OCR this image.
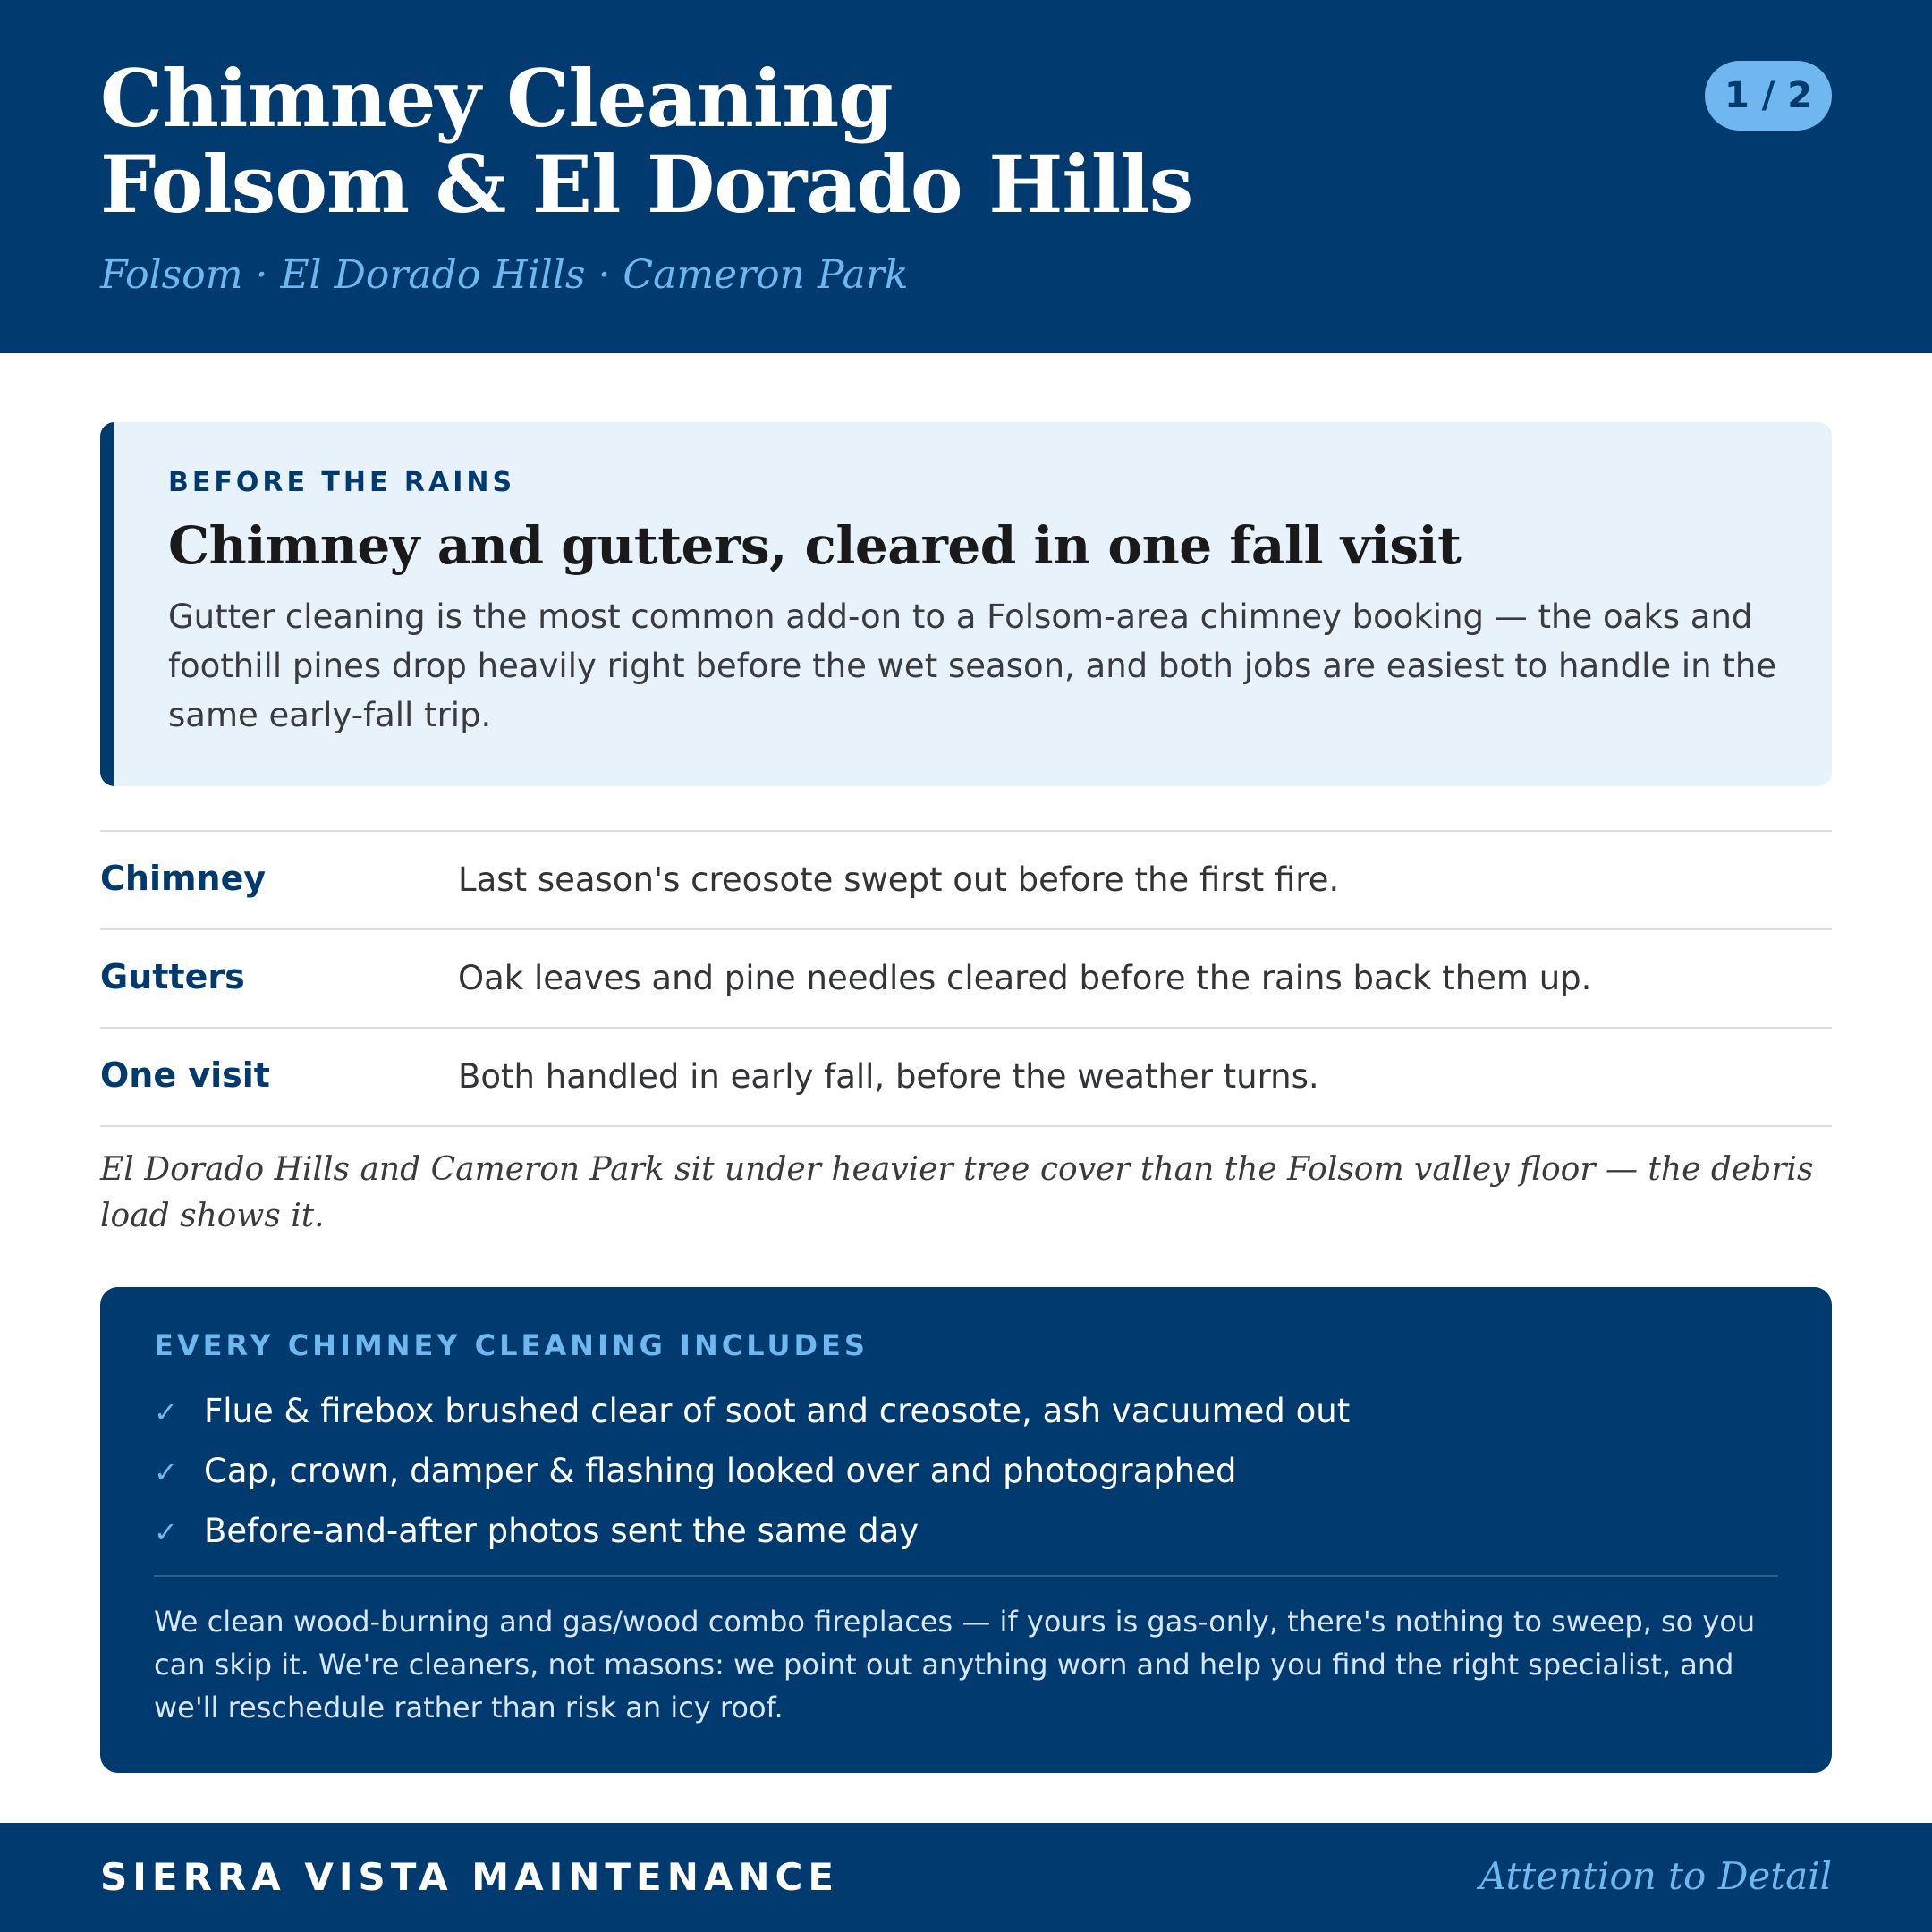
Chimney Cleaning
Folsom & El Dorado Hills
Folsom · El Dorado Hills · Cameron Park
1 / 2
BEFORE THE RAINS
Chimney and gutters, cleared in one fall visit

Gutter cleaning is the most common add-on to a Folsom-area chimney booking — the oaks and foothill pines drop heavily right before the wet season, and both jobs are easiest to handle in the same early-fall trip.

Chimney	Last season's creosote swept out before the first fire.
Gutters	Oak leaves and pine needles cleared before the rains back them up.
One visit	Both handled in early fall, before the weather turns.

El Dorado Hills and Cameron Park sit under heavier tree cover than the Folsom valley floor — the debris load shows it.

EVERY CHIMNEY CLEANING INCLUDES
✓ Flue & firebox brushed clear of soot and creosote, ash vacuumed out
✓ Cap, crown, damper & flashing looked over and photographed
✓ Before-and-after photos sent the same day

We clean wood-burning and gas/wood combo fireplaces — if yours is gas-only, there's nothing to sweep, so you can skip it. We're cleaners, not masons: we point out anything worn and help you find the right specialist, and we'll reschedule rather than risk an icy roof.

SIERRA VISTA MAINTENANCE	Attention to Detail
